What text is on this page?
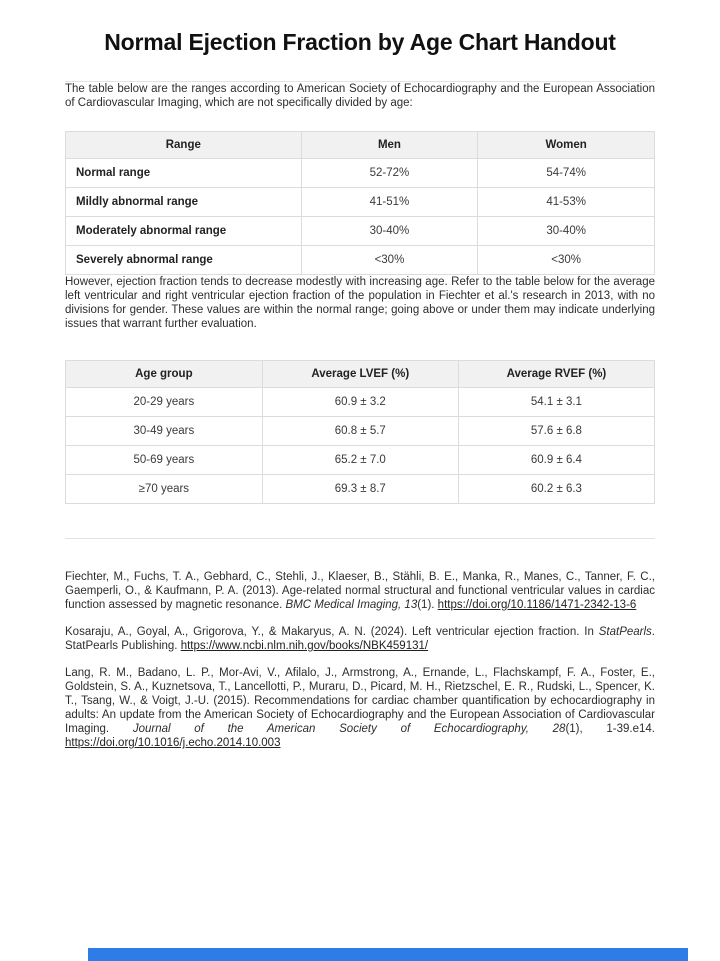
Normal Ejection Fraction by Age Chart Handout

The table below are the ranges according to American Society of Echocardiography and the European Association of Cardiovascular Imaging, which are not specifically divided by age:

Range	Men	Women
Normal range	52-72%	54-74%
Mildly abnormal range	41-51%	41-53%
Moderately abnormal range	30-40%	30-40%
Severely abnormal range	<30%	<30%

However, ejection fraction tends to decrease modestly with increasing age. Refer to the table below for the average left ventricular and right ventricular ejection fraction of the population in Fiechter et al.'s research in 2013, with no divisions for gender. These values are within the normal range; going above or under them may indicate underlying issues that warrant further evaluation.

Age group	Average LVEF (%)	Average RVEF (%)
20-29 years	60.9 ± 3.2	54.1 ± 3.1
30-49 years	60.8 ± 5.7	57.6 ± 6.8
50-69 years	65.2 ± 7.0	60.9 ± 6.4
≥70 years	69.3 ± 8.7	60.2 ± 6.3

Fiechter, M., Fuchs, T. A., Gebhard, C., Stehli, J., Klaeser, B., Stähli, B. E., Manka, R., Manes, C., Tanner, F. C., Gaemperli, O., & Kaufmann, P. A. (2013). Age-related normal structural and functional ventricular values in cardiac function assessed by magnetic resonance. BMC Medical Imaging, 13(1). https://doi.org/10.1186/1471-2342-13-6

Kosaraju, A., Goyal, A., Grigorova, Y., & Makaryus, A. N. (2024). Left ventricular ejection fraction. In StatPearls. StatPearls Publishing. https://www.ncbi.nlm.nih.gov/books/NBK459131/

Lang, R. M., Badano, L. P., Mor-Avi, V., Afilalo, J., Armstrong, A., Ernande, L., Flachskampf, F. A., Foster, E., Goldstein, S. A., Kuznetsova, T., Lancellotti, P., Muraru, D., Picard, M. H., Rietzschel, E. R., Rudski, L., Spencer, K. T., Tsang, W., & Voigt, J.-U. (2015). Recommendations for cardiac chamber quantification by echocardiography in adults: An update from the American Society of Echocardiography and the European Association of Cardiovascular Imaging. Journal of the American Society of Echocardiography, 28(1), 1-39.e14. https://doi.org/10.1016/j.echo.2014.10.003
